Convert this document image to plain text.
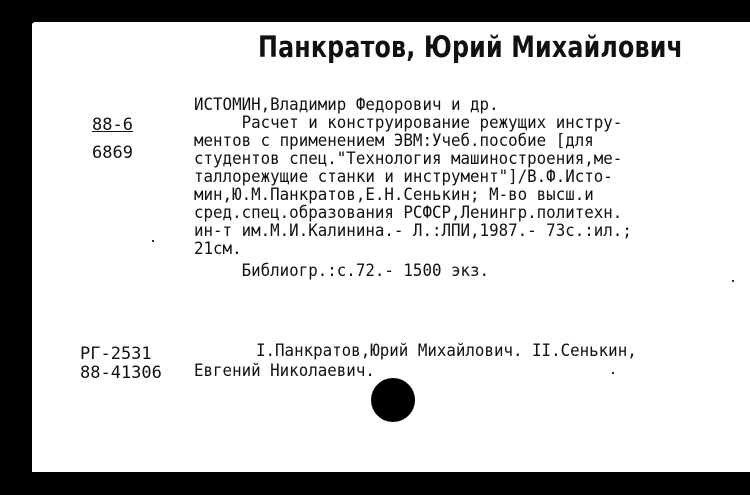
Панкратов, Юрий Михайлович
88-6
6869
ИСТОМИН,Владимир Федорович и др.
Расчет и конструирование режущих инстру-
ментов с применением ЭВМ:Учеб.пособие [для
студентов спец."Технология машиностроения,ме-
таллорежущие станки и инструмент"]/В.Ф.Исто-
мин,Ю.М.Панкратов,Е.Н.Сенькин; М-во высш.и
сред.спец.образования РСФСР,Ленингр.политехн.
ин-т им.М.И.Калинина.- Л.:ЛПИ,1987.- 73с.:ил.;
21см.
Библиогр.:с.72.- 1500 экз.
РГ-2531
88-41306
I.Панкратов,Юрий Михайлович. II.Сенькин,
Евгений Николаевич.
